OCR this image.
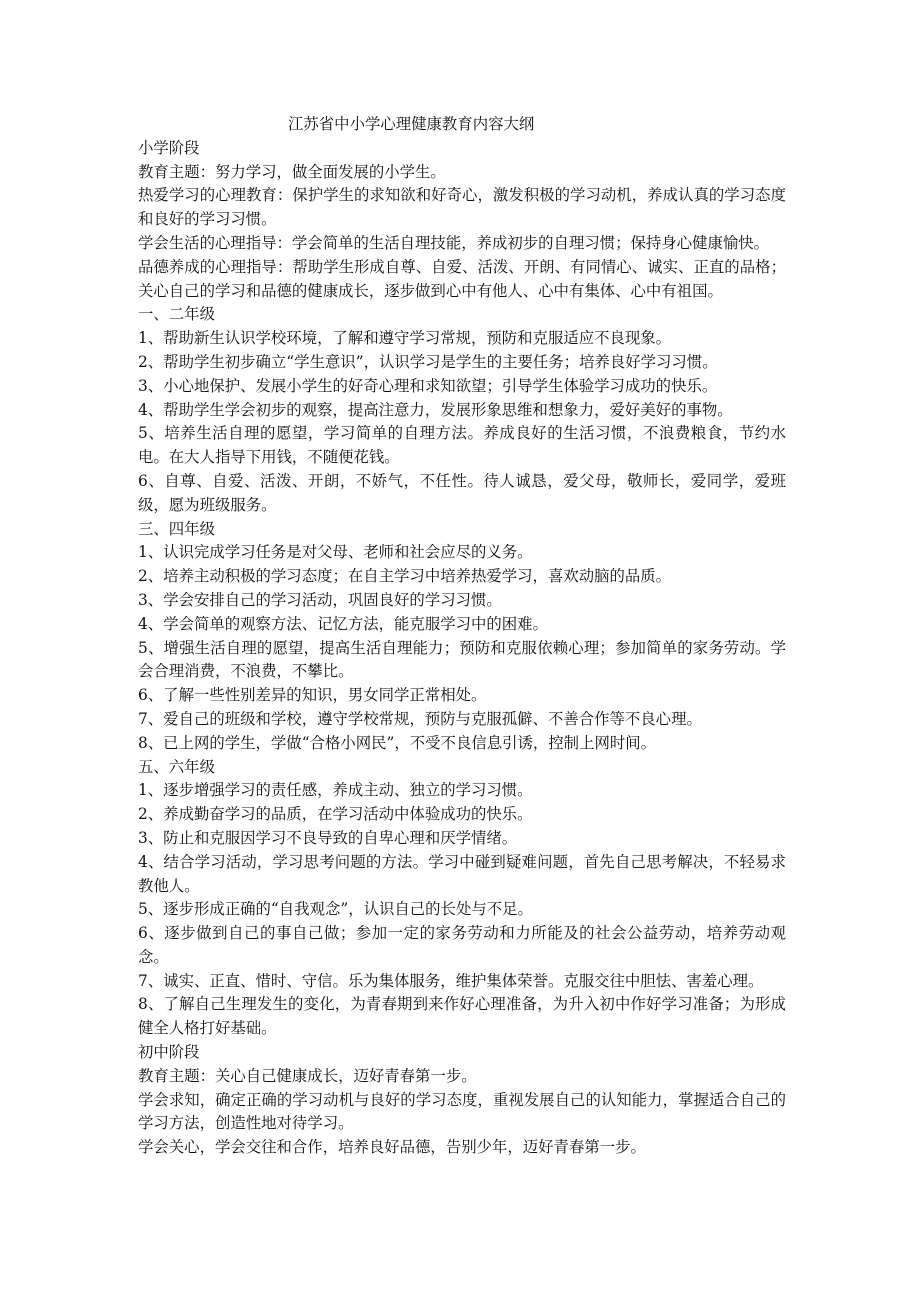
江苏省中小学心理健康教育内容大纲

小学阶段

教育主题：努力学习，做全面发展的小学生。

热爱学习的心理教育：保护学生的求知欲和好奇心，激发积极的学习动机，养成认真的学习态度和良好的学习习惯。

学会生活的心理指导：学会简单的生活自理技能，养成初步的自理习惯；保持身心健康愉快。

品德养成的心理指导：帮助学生形成自尊、自爱、活泼、开朗、有同情心、诚实、正直的品格；关心自己的学习和品德的健康成长，逐步做到心中有他人、心中有集体、心中有祖国。

一、二年级

1、帮助新生认识学校环境，了解和遵守学习常规，预防和克服适应不良现象。

2、帮助学生初步确立“学生意识”，认识学习是学生的主要任务；培养良好学习习惯。

3、小心地保护、发展小学生的好奇心理和求知欲望；引导学生体验学习成功的快乐。

4、帮助学生学会初步的观察，提高注意力，发展形象思维和想象力，爱好美好的事物。

5、培养生活自理的愿望，学习简单的自理方法。养成良好的生活习惯，不浪费粮食，节约水电。在大人指导下用钱，不随便花钱。

6、自尊、自爱、活泼、开朗，不娇气，不任性。待人诚恳，爱父母，敬师长，爱同学，爱班级，愿为班级服务。

三、四年级

1、认识完成学习任务是对父母、老师和社会应尽的义务。

2、培养主动积极的学习态度；在自主学习中培养热爱学习，喜欢动脑的品质。

3、学会安排自己的学习活动，巩固良好的学习习惯。

4、学会简单的观察方法、记忆方法，能克服学习中的困难。

5、增强生活自理的愿望，提高生活自理能力；预防和克服依赖心理；参加简单的家务劳动。学会合理消费，不浪费，不攀比。

6、了解一些性别差异的知识，男女同学正常相处。

7、爱自己的班级和学校，遵守学校常规，预防与克服孤僻、不善合作等不良心理。

8、已上网的学生，学做“合格小网民”，不受不良信息引诱，控制上网时间。

五、六年级

1、逐步增强学习的责任感，养成主动、独立的学习习惯。

2、养成勤奋学习的品质，在学习活动中体验成功的快乐。

3、防止和克服因学习不良导致的自卑心理和厌学情绪。

4、结合学习活动，学习思考问题的方法。学习中碰到疑难问题，首先自己思考解决，不轻易求教他人。

5、逐步形成正确的“自我观念”，认识自己的长处与不足。

6、逐步做到自己的事自己做；参加一定的家务劳动和力所能及的社会公益劳动，培养劳动观念。

7、诚实、正直、惜时、守信。乐为集体服务，维护集体荣誉。克服交往中胆怯、害羞心理。

8、了解自己生理发生的变化，为青春期到来作好心理准备，为升入初中作好学习准备；为形成健全人格打好基础。

初中阶段

教育主题：关心自己健康成长，迈好青春第一步。

学会求知，确定正确的学习动机与良好的学习态度，重视发展自己的认知能力，掌握适合自己的学习方法，创造性地对待学习。

学会关心，学会交往和合作，培养良好品德，告别少年，迈好青春第一步。
